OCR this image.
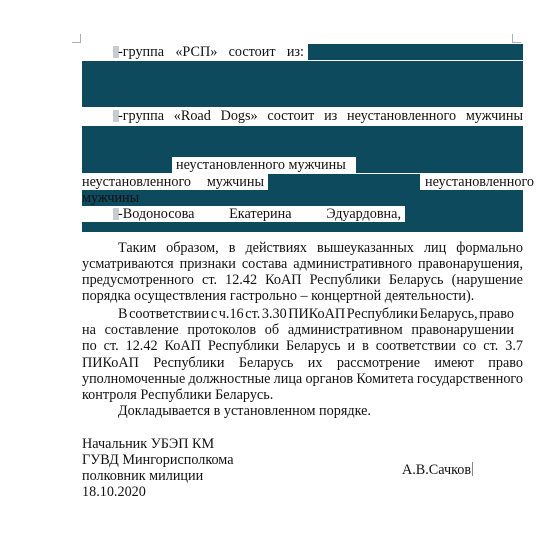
-группа «РСП» состоит из:
-группа «Road Dogs» состоит из неустановленного мужчины
неустановленного мужчины
неустановленного мужчины	неустановленного
мужчины
-Водоносова Екатерина Эдуардовна,
Таким образом, в действиях вышеуказанных лиц формально
усматриваются признаки состава административного правонарушения,
предусмотренного ст. 12.42 КоАП Республики Беларусь (нарушение
порядка осуществления гастрольно – концертной деятельности).
В соответствии с ч.16 ст. 3.30 ПИКоАП Республики Беларусь, право
на составление протоколов об административном правонарушении
по ст. 12.42 КоАП Республики Беларусь и в соответствии со ст. 3.7
ПИКоАП Республики Беларусь их рассмотрение имеют право
уполномоченные должностные лица органов Комитета государственного
контроля Республики Беларусь.
Докладывается в установленном порядке.
Начальник УБЭП КМ
ГУВД Мингорисполкома
полковник милиции
18.10.2020
А.В.Сачков
